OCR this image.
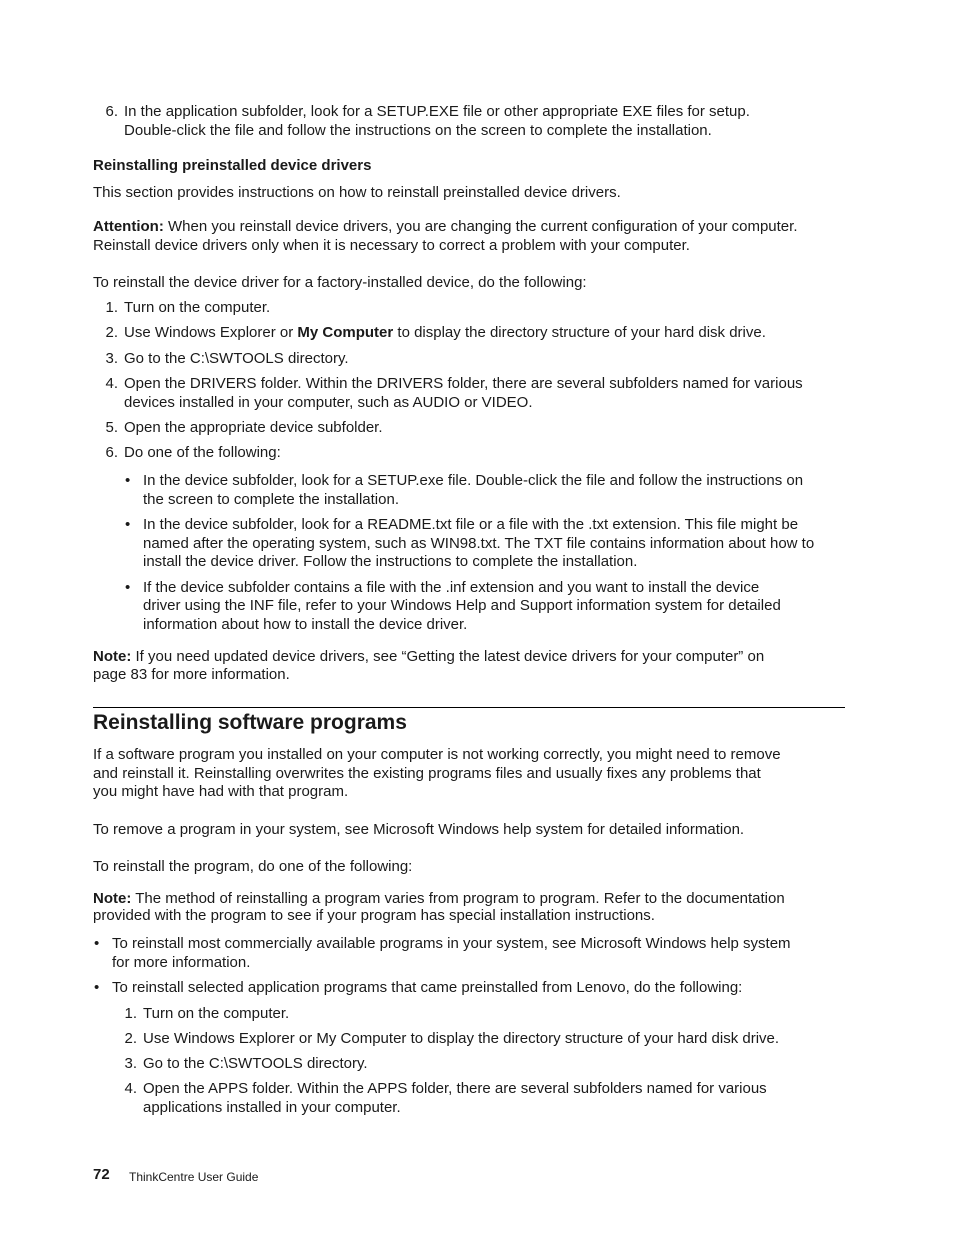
6. In the application subfolder, look for a SETUP.EXE file or other appropriate EXE files for setup.
Double-click the file and follow the instructions on the screen to complete the installation.
Reinstalling preinstalled device drivers
This section provides instructions on how to reinstall preinstalled device drivers.
Attention: When you reinstall device drivers, you are changing the current configuration of your computer.
Reinstall device drivers only when it is necessary to correct a problem with your computer.
To reinstall the device driver for a factory-installed device, do the following:
1. Turn on the computer.
2. Use Windows Explorer or My Computer to display the directory structure of your hard disk drive.
3. Go to the C:\SWTOOLS directory.
4. Open the DRIVERS folder. Within the DRIVERS folder, there are several subfolders named for various
devices installed in your computer, such as AUDIO or VIDEO.
5. Open the appropriate device subfolder.
6. Do one of the following:
• In the device subfolder, look for a SETUP.exe file. Double-click the file and follow the instructions on
the screen to complete the installation.
• In the device subfolder, look for a README.txt file or a file with the .txt extension. This file might be
named after the operating system, such as WIN98.txt. The TXT file contains information about how to
install the device driver. Follow the instructions to complete the installation.
• If the device subfolder contains a file with the .inf extension and you want to install the device
driver using the INF file, refer to your Windows Help and Support information system for detailed
information about how to install the device driver.
Note: If you need updated device drivers, see “Getting the latest device drivers for your computer” on
page 83 for more information.
Reinstalling software programs
If a software program you installed on your computer is not working correctly, you might need to remove
and reinstall it. Reinstalling overwrites the existing programs files and usually fixes any problems that
you might have had with that program.
To remove a program in your system, see Microsoft Windows help system for detailed information.
To reinstall the program, do one of the following:
Note: The method of reinstalling a program varies from program to program. Refer to the documentation
provided with the program to see if your program has special installation instructions.
• To reinstall most commercially available programs in your system, see Microsoft Windows help system
for more information.
• To reinstall selected application programs that came preinstalled from Lenovo, do the following:
1. Turn on the computer.
2. Use Windows Explorer or My Computer to display the directory structure of your hard disk drive.
3. Go to the C:\SWTOOLS directory.
4. Open the APPS folder. Within the APPS folder, there are several subfolders named for various
applications installed in your computer.
72 ThinkCentre User Guide
